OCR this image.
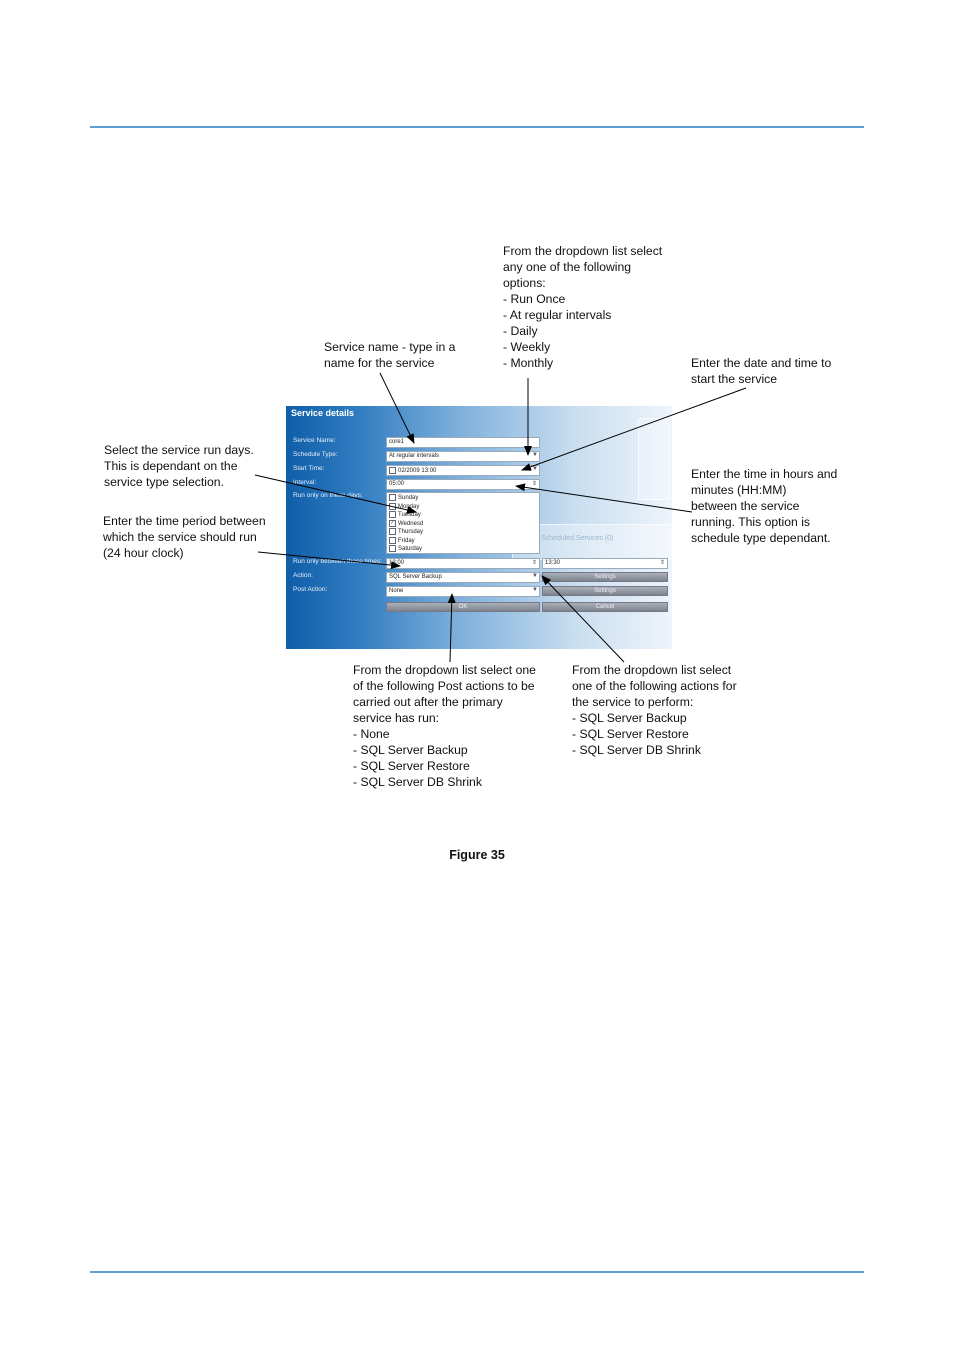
From the dropdown list select
any one of the following
options:
- Run Once
- At regular intervals
- Daily
- Weekly
- Monthly
Service name - type in a
name for the service	Enter the date and time to
start the service
Select the service run days.
This is dependant on the
service type selection.
Enter the time period between
which the service should run
(24 hour clock)
Enter the time in hours and
minutes (HH:MM)
between the service
running. This option is
schedule type dependant.
From the dropdown list select one
of the following Post actions to be
carried out after the primary
service has run:
- None
- SQL Server Backup
- SQL Server Restore
- SQL Server DB Shrink
From the dropdown list select
one of the following actions for
the service to perform:
- SQL Server Backup
- SQL Server Restore
- SQL Server DB Shrink
Scheduled Services (0)
Service details
Service Name:	core1
Schedule Type:	At regular intervals	▼
Start Time:	02/2009 13:00	▼
Interval:	05:00	⇕
Run only on these days:	Sunday
Monday
Tuesday
✓ Wednesd
Thursday
Friday
Saturday
Run only between these times:	13:00	⇕	13:30	⇕
Action:	SQL Server Backup	▼	Settings
Post Action:	None	▼	Settings
OK	Cancel
Figure 35
